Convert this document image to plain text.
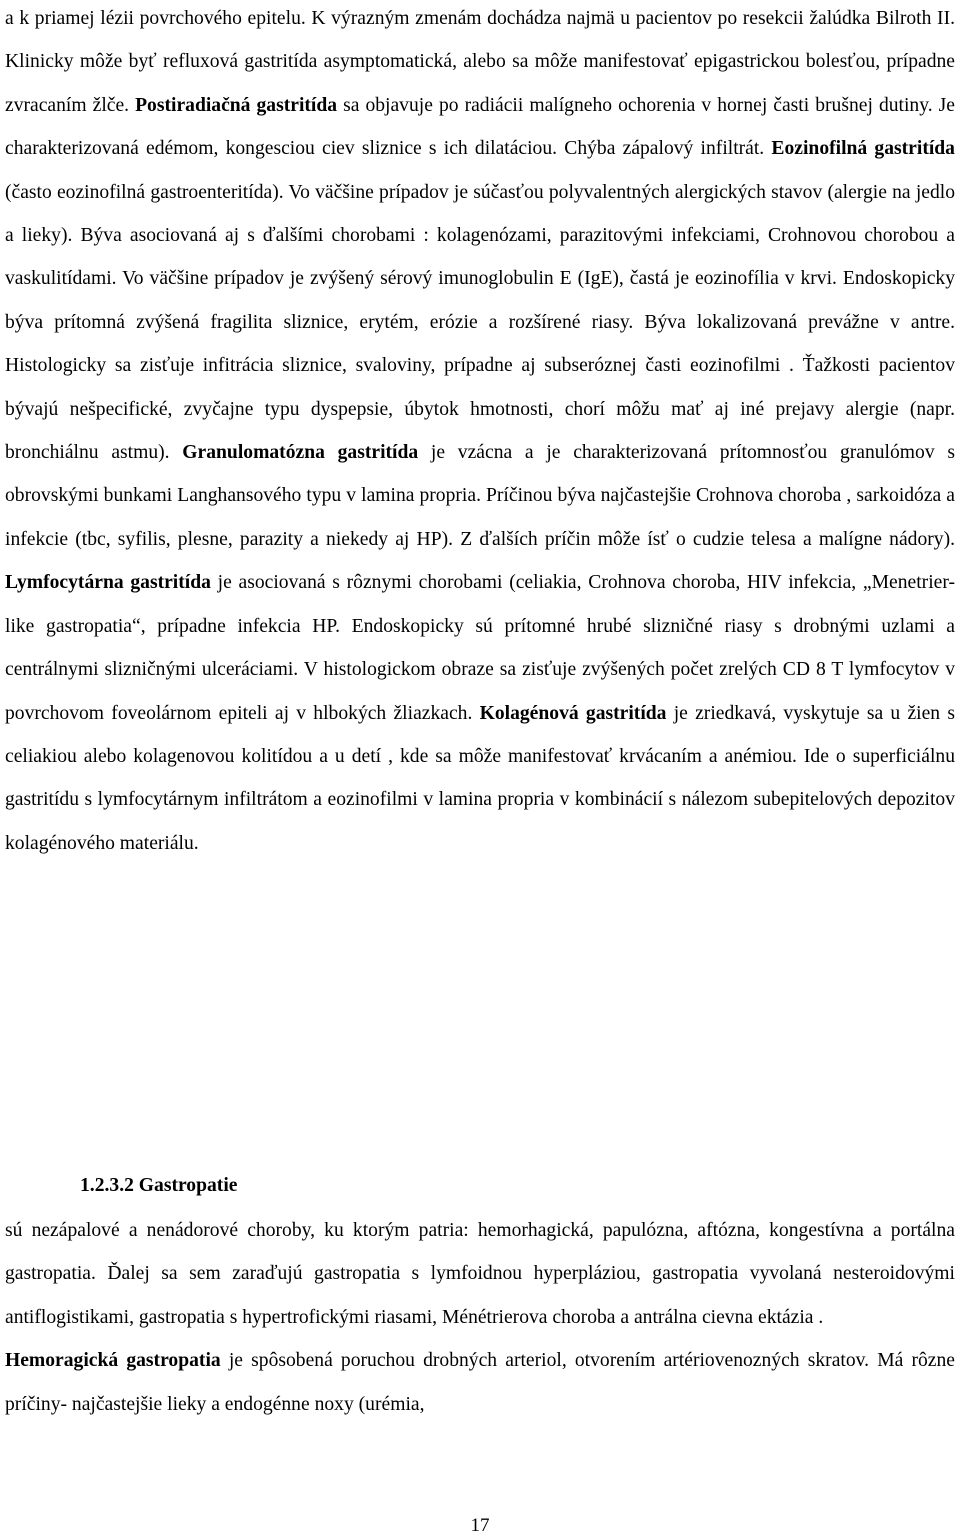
a k priamej lézii povrchového epitelu. K výrazným zmenám dochádza najmä u pacientov po resekcii žalúdka Bilroth II. Klinicky môže byť refluxová gastritída asymptomatická, alebo sa môže manifestovať epigastrickou bolesťou, prípadne zvracaním žlče. Postiradiačná gastritída sa objavuje po radiácii malígneho ochorenia v hornej časti brušnej dutiny. Je charakterizovaná edémom, kongesciou ciev sliznice s ich dilatáciou. Chýba zápalový infiltrát. Eozinofilná gastritída (často eozinofilná gastroenteritída). Vo väčšine prípadov je súčasťou polyvalentných alergických stavov (alergie na jedlo a lieky). Býva asociovaná aj s ďalšími chorobami : kolagenózami, parazitovými infekciami, Crohnovou chorobou a vaskulitídami. Vo väčšine prípadov je zvýšený sérový imunoglobulin E (IgE), častá je eozinofília v krvi. Endoskopicky býva prítomná zvýšená fragilita sliznice, erytém, erózie a rozšírené riasy. Býva lokalizovaná prevážne v antre. Histologicky sa zisťuje infitrácia sliznice, svaloviny, prípadne aj subseróznej časti eozinofilmi . Ťažkosti pacientov bývajú nešpecifické, zvyčajne typu dyspepsie, úbytok hmotnosti, chorí môžu mať aj iné prejavy alergie (napr. bronchiálnu astmu). Granulomatózna gastritída je vzácna a je charakterizovaná prítomnosťou granulómov s obrovskými bunkami Langhansového typu v lamina propria. Príčinou býva najčastejšie Crohnova choroba , sarkoidóza a infekcie (tbc, syfilis, plesne, parazity a niekedy aj HP). Z ďalších príčin môže ísť o cudzie telesa a malígne nádory). Lymfocytárna gastritída je asociovaná s rôznymi chorobami (celiakia, Crohnova choroba, HIV infekcia, „Menetrier-like gastropatia“, prípadne infekcia HP. Endoskopicky sú prítomné hrubé slizničné riasy s drobnými uzlami a centrálnymi slizničnými ulceráciami. V histologickom obraze sa zisťuje zvýšených počet zrelých CD 8 T lymfocytov v povrchovom foveolárnom epiteli aj v hlbokých žliazkach. Kolagénová gastritída je zriedkavá, vyskytuje sa u žien s celiakiou alebo kolagenovou kolitídou a u detí , kde sa môže manifestovať krvácaním a anémiou. Ide o superficiálnu gastritídu s lymfocytárnym infiltrátom a eozinofilmi v lamina propria v kombinácií s nálezom subepitelových depozitov kolagénového materiálu.

1.2.3.2 Gastropatie

sú nezápalové a nenádorové choroby, ku ktorým patria: hemorhagická, papulózna, aftózna, kongestívna a portálna gastropatia. Ďalej sa sem zaraďujú gastropatia s lymfoidnou hyperpláziou, gastropatia vyvolaná nesteroidovými antiflogistikami, gastropatia s hypertrofickými riasami, Ménétrierova choroba a antrálna cievna ektázia .
Hemoragická gastropatia je spôsobená poruchou drobných arteriol, otvorením artériovenozných skratov. Má rôzne príčiny- najčastejšie lieky a endogénne noxy (urémia,

17
